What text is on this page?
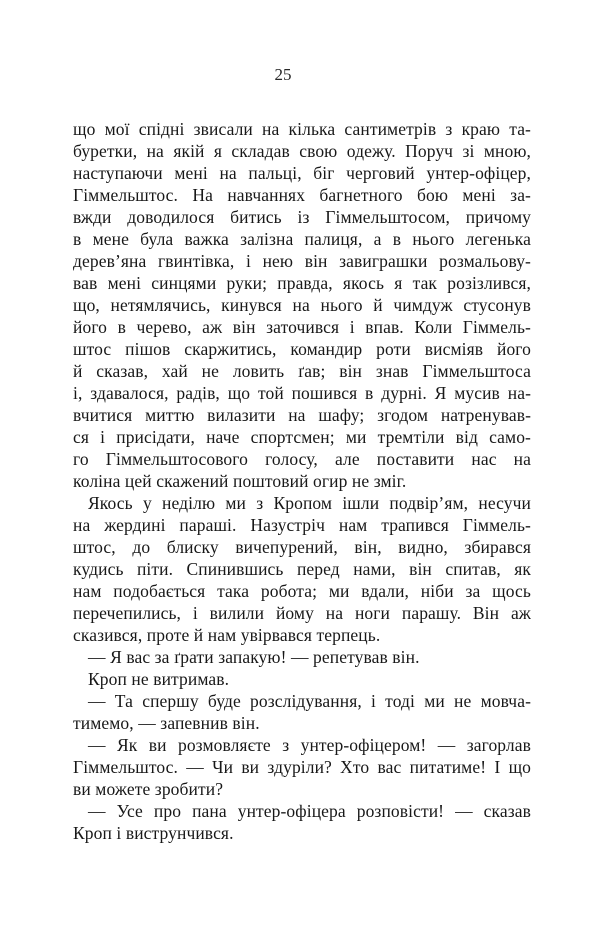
25
що мої спідні звисали на кілька сантиметрів з краю та-
буретки, на якій я складав свою одежу. Поруч зі мною,
наступаючи мені на пальці, біг черговий унтер-офіцер,
Гіммельштос. На навчаннях багнетного бою мені за-
вжди доводилося битись із Гіммельштосом, причому
в мене була важка залізна палиця, а в нього легенька
дерев’яна гвинтівка, і нею він завиграшки розмальову-
вав мені синцями руки; правда, якось я так розізлився,
що, нетямлячись, кинувся на нього й чимдуж стусонув
його в черево, аж він заточився і впав. Коли Гіммель-
штос пішов скаржитись, командир роти висміяв його
й сказав, хай не ловить ґав; він знав Гіммельштоса
і, здавалося, радів, що той пошився в дурні. Я мусив на-
вчитися миттю вилазити на шафу; згодом натренував-
ся і присідати, наче спортсмен; ми тремтіли від само-
го Гіммельштосового голосу, але поставити нас на
коліна цей скажений поштовий огир не зміг.
Якось у неділю ми з Кропом ішли подвір’ям, несучи
на жердині параші. Назустріч нам трапився Гіммель-
штос, до блиску вичепурений, він, видно, збирався
кудись піти. Спинившись перед нами, він спитав, як
нам подобається така робота; ми вдали, ніби за щось
перечепились, і вилили йому на ноги парашу. Він аж
сказився, проте й нам увірвався терпець.
— Я вас за ґрати запакую! — репетував він.
Кроп не витримав.
— Та спершу буде розслідування, і тоді ми не мовча-
тимемо, — запевнив він.
— Як ви розмовляєте з унтер-офіцером! — загорлав
Гіммельштос. — Чи ви здуріли? Хто вас питатиме! І що
ви можете зробити?
— Усе про пана унтер-офіцера розповісти! — сказав
Кроп і виструнчився.
